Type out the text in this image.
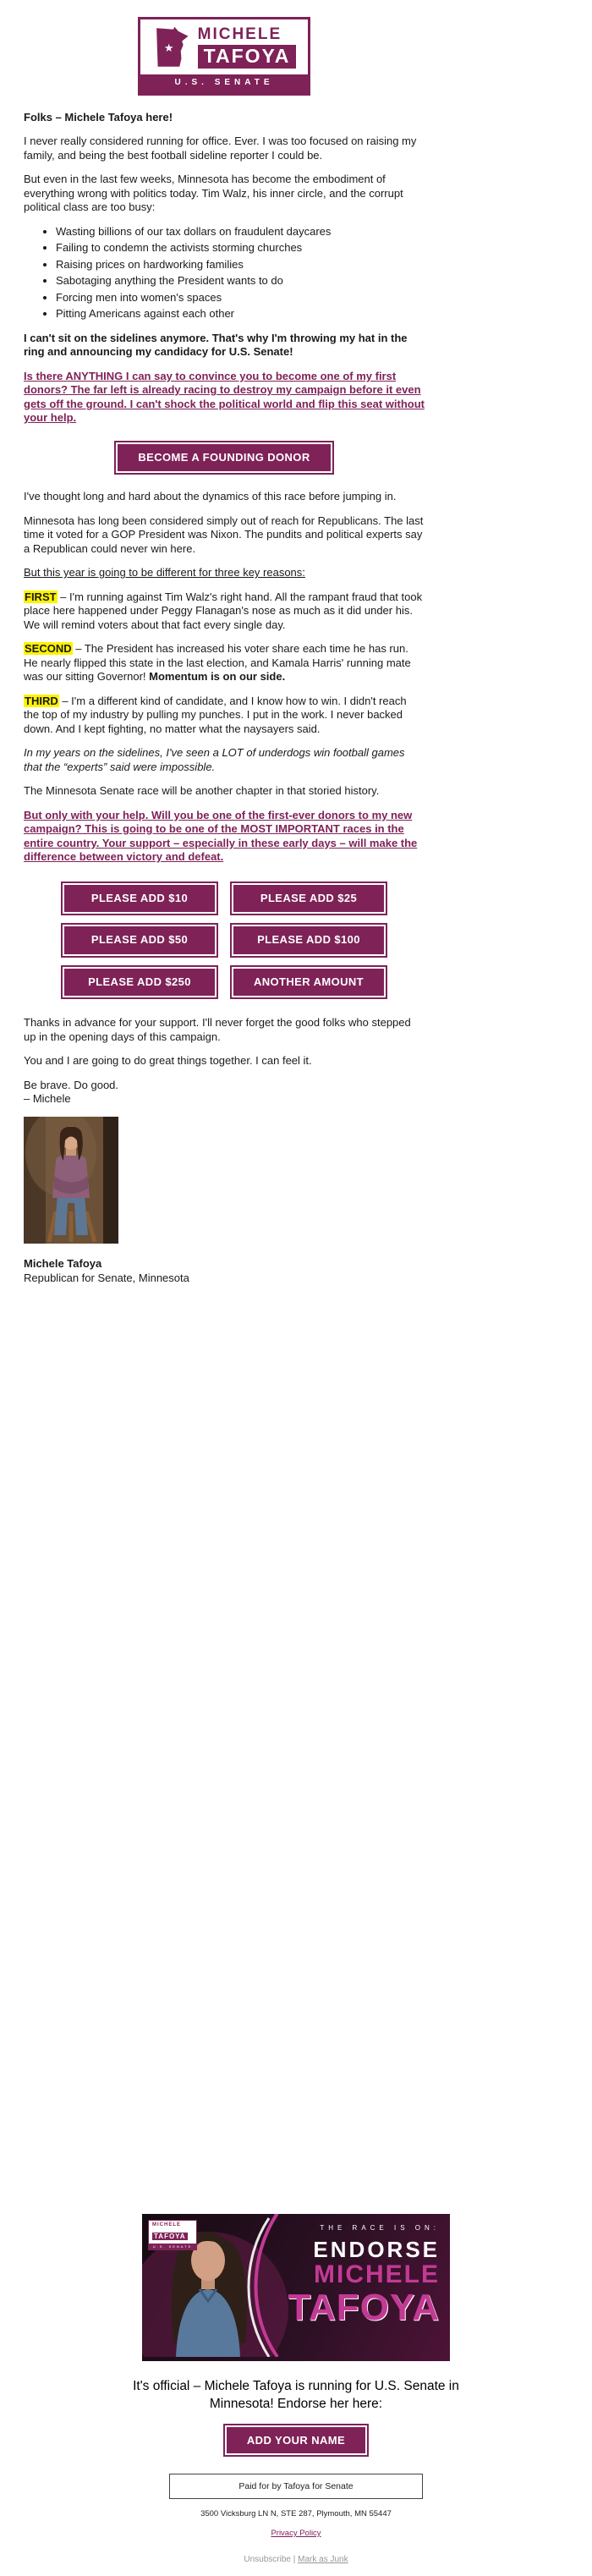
★
MICHELE
TAFOYA
U.S. SENATE

Folks – Michele Tafoya here!

I never really considered running for office. Ever. I was too focused on raising my family, and being the best football sideline reporter I could be.

But even in the last few weeks, Minnesota has become the embodiment of everything wrong with politics today. Tim Walz, his inner circle, and the corrupt political class are too busy:

• Wasting billions of our tax dollars on fraudulent daycares
• Failing to condemn the activists storming churches
• Raising prices on hardworking families
• Sabotaging anything the President wants to do
• Forcing men into women's spaces
• Pitting Americans against each other

I can't sit on the sidelines anymore. That's why I'm throwing my hat in the ring and announcing my candidacy for U.S. Senate!

Is there ANYTHING I can say to convince you to become one of my first donors? The far left is already racing to destroy my campaign before it even gets off the ground. I can't shock the political world and flip this seat without your help.

BECOME A FOUNDING DONOR

I've thought long and hard about the dynamics of this race before jumping in.

Minnesota has long been considered simply out of reach for Republicans. The last time it voted for a GOP President was Nixon. The pundits and political experts say a Republican could never win here.

But this year is going to be different for three key reasons:

FIRST – I'm running against Tim Walz's right hand. All the rampant fraud that took place here happened under Peggy Flanagan's nose as much as it did under his. We will remind voters about that fact every single day.

SECOND – The President has increased his voter share each time he has run. He nearly flipped this state in the last election, and Kamala Harris' running mate was our sitting Governor! Momentum is on our side.

THIRD – I'm a different kind of candidate, and I know how to win. I didn't reach the top of my industry by pulling my punches. I put in the work. I never backed down. And I kept fighting, no matter what the naysayers said.

In my years on the sidelines, I've seen a LOT of underdogs win football games that the “experts” said were impossible.

The Minnesota Senate race will be another chapter in that storied history.

But only with your help. Will you be one of the first-ever donors to my new campaign? This is going to be one of the MOST IMPORTANT races in the entire country. Your support – especially in these early days – will make the difference between victory and defeat.

PLEASE ADD $10	PLEASE ADD $25
PLEASE ADD $50	PLEASE ADD $100
PLEASE ADD $250	ANOTHER AMOUNT

Thanks in advance for your support. I'll never forget the good folks who stepped up in the opening days of this campaign.

You and I are going to do great things together. I can feel it.

Be brave. Do good.
– Michele

Michele Tafoya
Republican for Senate, Minnesota

MICHELE
TAFOYA
U.S. SENATE
THE RACE IS ON:
ENDORSE
MICHELE
TAFOYA

It's official – Michele Tafoya is running for U.S. Senate in Minnesota! Endorse her here:

ADD YOUR NAME
Paid for by Tafoya for Senate
3500 Vicksburg LN N, STE 287, Plymouth, MN 55447
Privacy Policy
Unsubscribe | Mark as Junk
